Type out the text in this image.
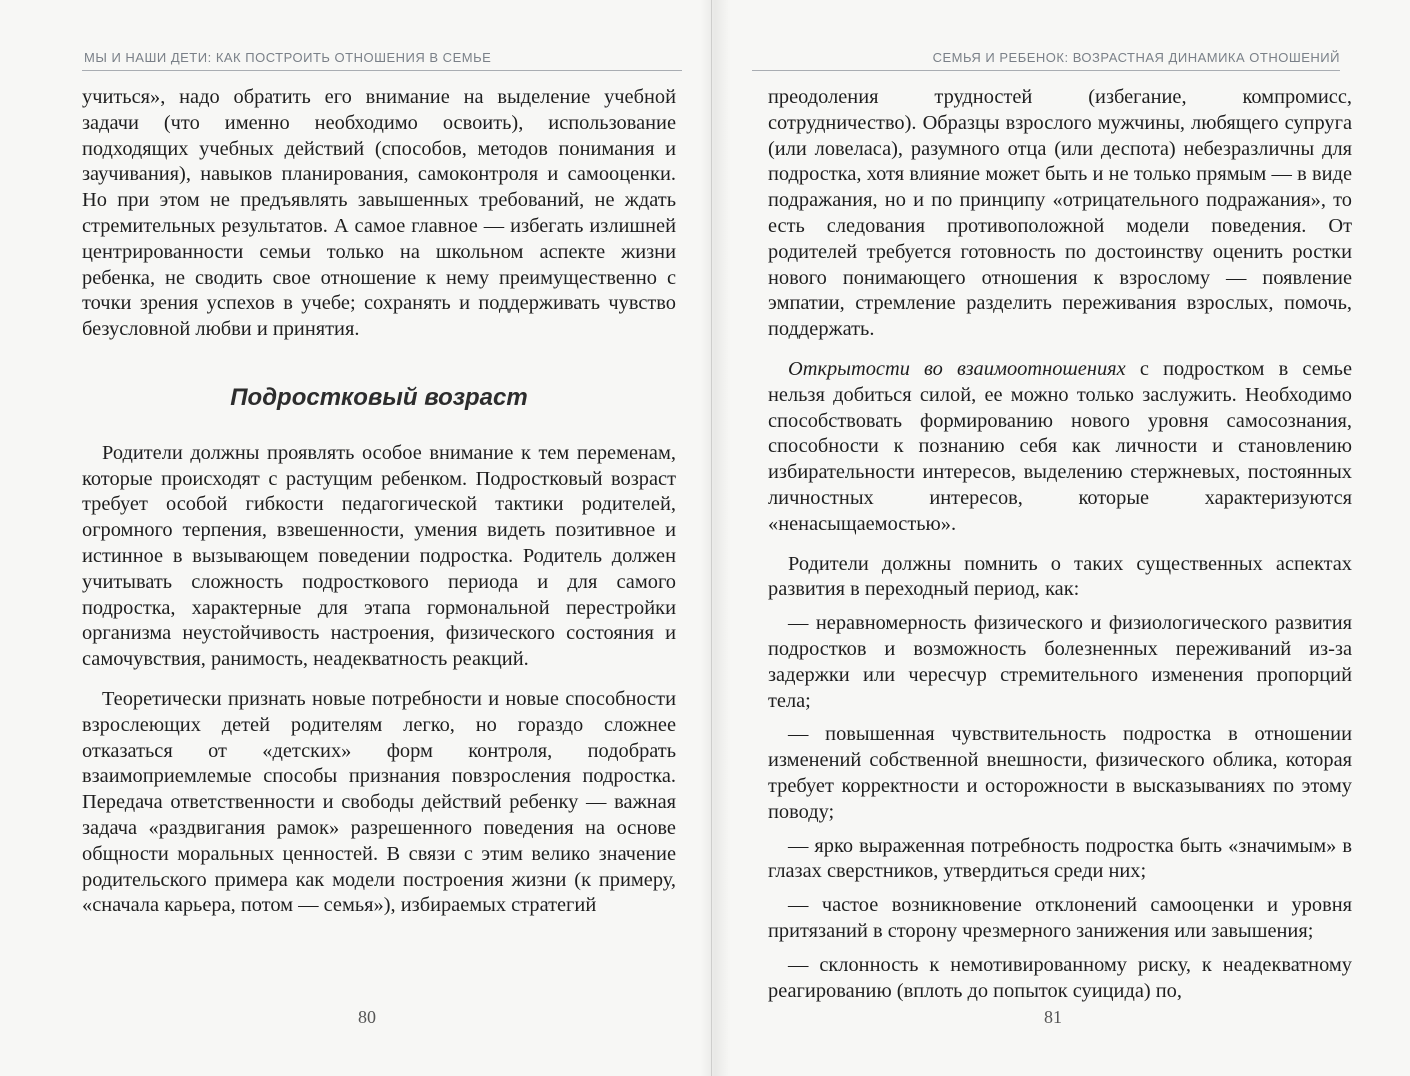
МЫ И НАШИ ДЕТИ: КАК ПОСТРОИТЬ ОТНОШЕНИЯ В СЕМЬЕ

учиться», надо обратить его внимание на выделение учебной задачи (что именно необходимо освоить), использование подходящих учебных действий (способов, методов понимания и заучивания), навыков планирования, самоконтроля и самооценки. Но при этом не предъявлять завышенных требований, не ждать стремительных результатов. А самое главное — избегать излишней центрированности семьи только на школьном аспекте жизни ребенка, не сводить свое отношение к нему преимущественно с точки зрения успехов в учебе; сохранять и поддерживать чувство безусловной любви и принятия.

Подростковый возраст

Родители должны проявлять особое внимание к тем переменам, которые происходят с растущим ребенком. Подростковый возраст требует особой гибкости педагогической тактики родителей, огромного терпения, взвешенности, умения видеть позитивное и истинное в вызывающем поведении подростка. Родитель должен учитывать сложность подросткового периода и для самого подростка, характерные для этапа гормональной перестройки организма неустойчивость настроения, физического состояния и самочувствия, ранимость, неадекватность реакций.

Теоретически признать новые потребности и новые способности взрослеющих детей родителям легко, но гораздо сложнее отказаться от «детских» форм контроля, подобрать взаимоприемлемые способы признания повзросления подростка. Передача ответственности и свободы действий ребенку — важная задача «раздвигания рамок» разрешенного поведения на основе общности моральных ценностей. В связи с этим велико значение родительского примера как модели построения жизни (к примеру, «сначала карьера, потом — семья»), избираемых стратегий

80
СЕМЬЯ И РЕБЕНОК: ВОЗРАСТНАЯ ДИНАМИКА ОТНОШЕНИЙ

преодоления трудностей (избегание, компромисс, сотрудничество). Образцы взрослого мужчины, любящего супруга (или ловеласа), разумного отца (или деспота) небезразличны для подростка, хотя влияние может быть и не только прямым — в виде подражания, но и по принципу «отрицательного подражания», то есть следования противоположной модели поведения. От родителей требуется готовность по достоинству оценить ростки нового понимающего отношения к взрослому — появление эмпатии, стремление разделить переживания взрослых, помочь, поддержать.

Открытости во взаимоотношениях с подростком в семье нельзя добиться силой, ее можно только заслужить. Необходимо способствовать формированию нового уровня самосознания, способности к познанию себя как личности и становлению избирательности интересов, выделению стержневых, постоянных личностных интересов, которые характеризуются «ненасыщаемостью».

Родители должны помнить о таких существенных аспектах развития в переходный период, как:

— неравномерность физического и физиологического развития подростков и возможность болезненных переживаний из-за задержки или чересчур стремительного изменения пропорций тела;

— повышенная чувствительность подростка в отношении изменений собственной внешности, физического облика, которая требует корректности и осторожности в высказываниях по этому поводу;

— ярко выраженная потребность подростка быть «значимым» в глазах сверстников, утвердиться среди них;

— частое возникновение отклонений самооценки и уровня притязаний в сторону чрезмерного занижения или завышения;

— склонность к немотивированному риску, к неадекватному реагированию (вплоть до попыток суицида) по,

81
